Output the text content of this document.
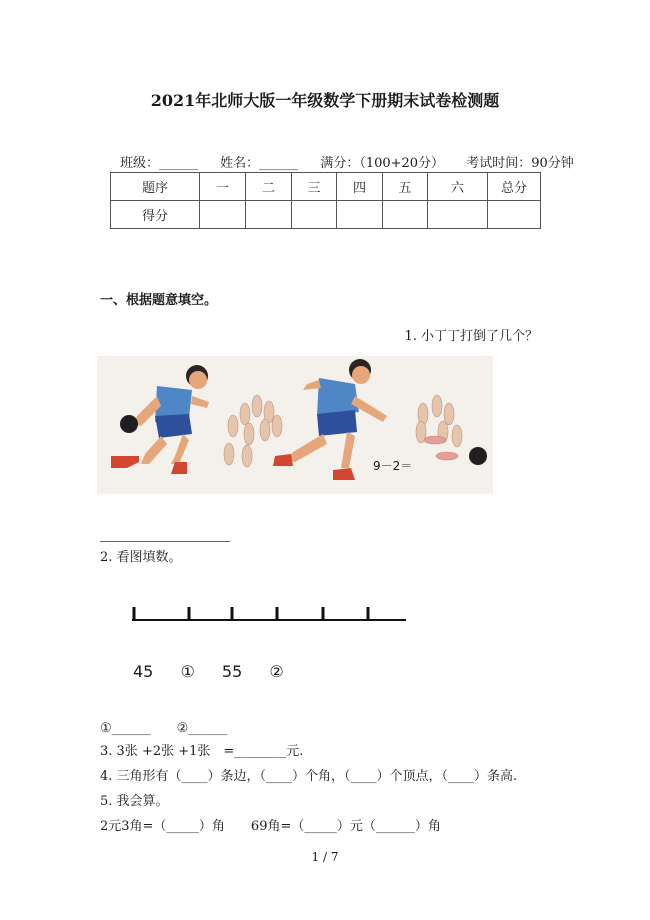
2021年北师大版一年级数学下册期末试卷检测题
班级：______ 姓名：______ 满分：（100+20分） 考试时间：90分钟
题序	一	二	三	四	五	六	总分
得分							
一、根据题意填空。
1. 小丁丁打倒了几个？
9－2＝
2. 看图填数。
45 ① 55 ②
①______　　②______
3. 3张 +2张 +1张　=________元.
4. 三角形有（____）条边，（____）个角，（____）个顶点，（____）条高.
5. 我会算。
2元3角=（_____）角　　69角=（_____）元（______）角
1 / 7
